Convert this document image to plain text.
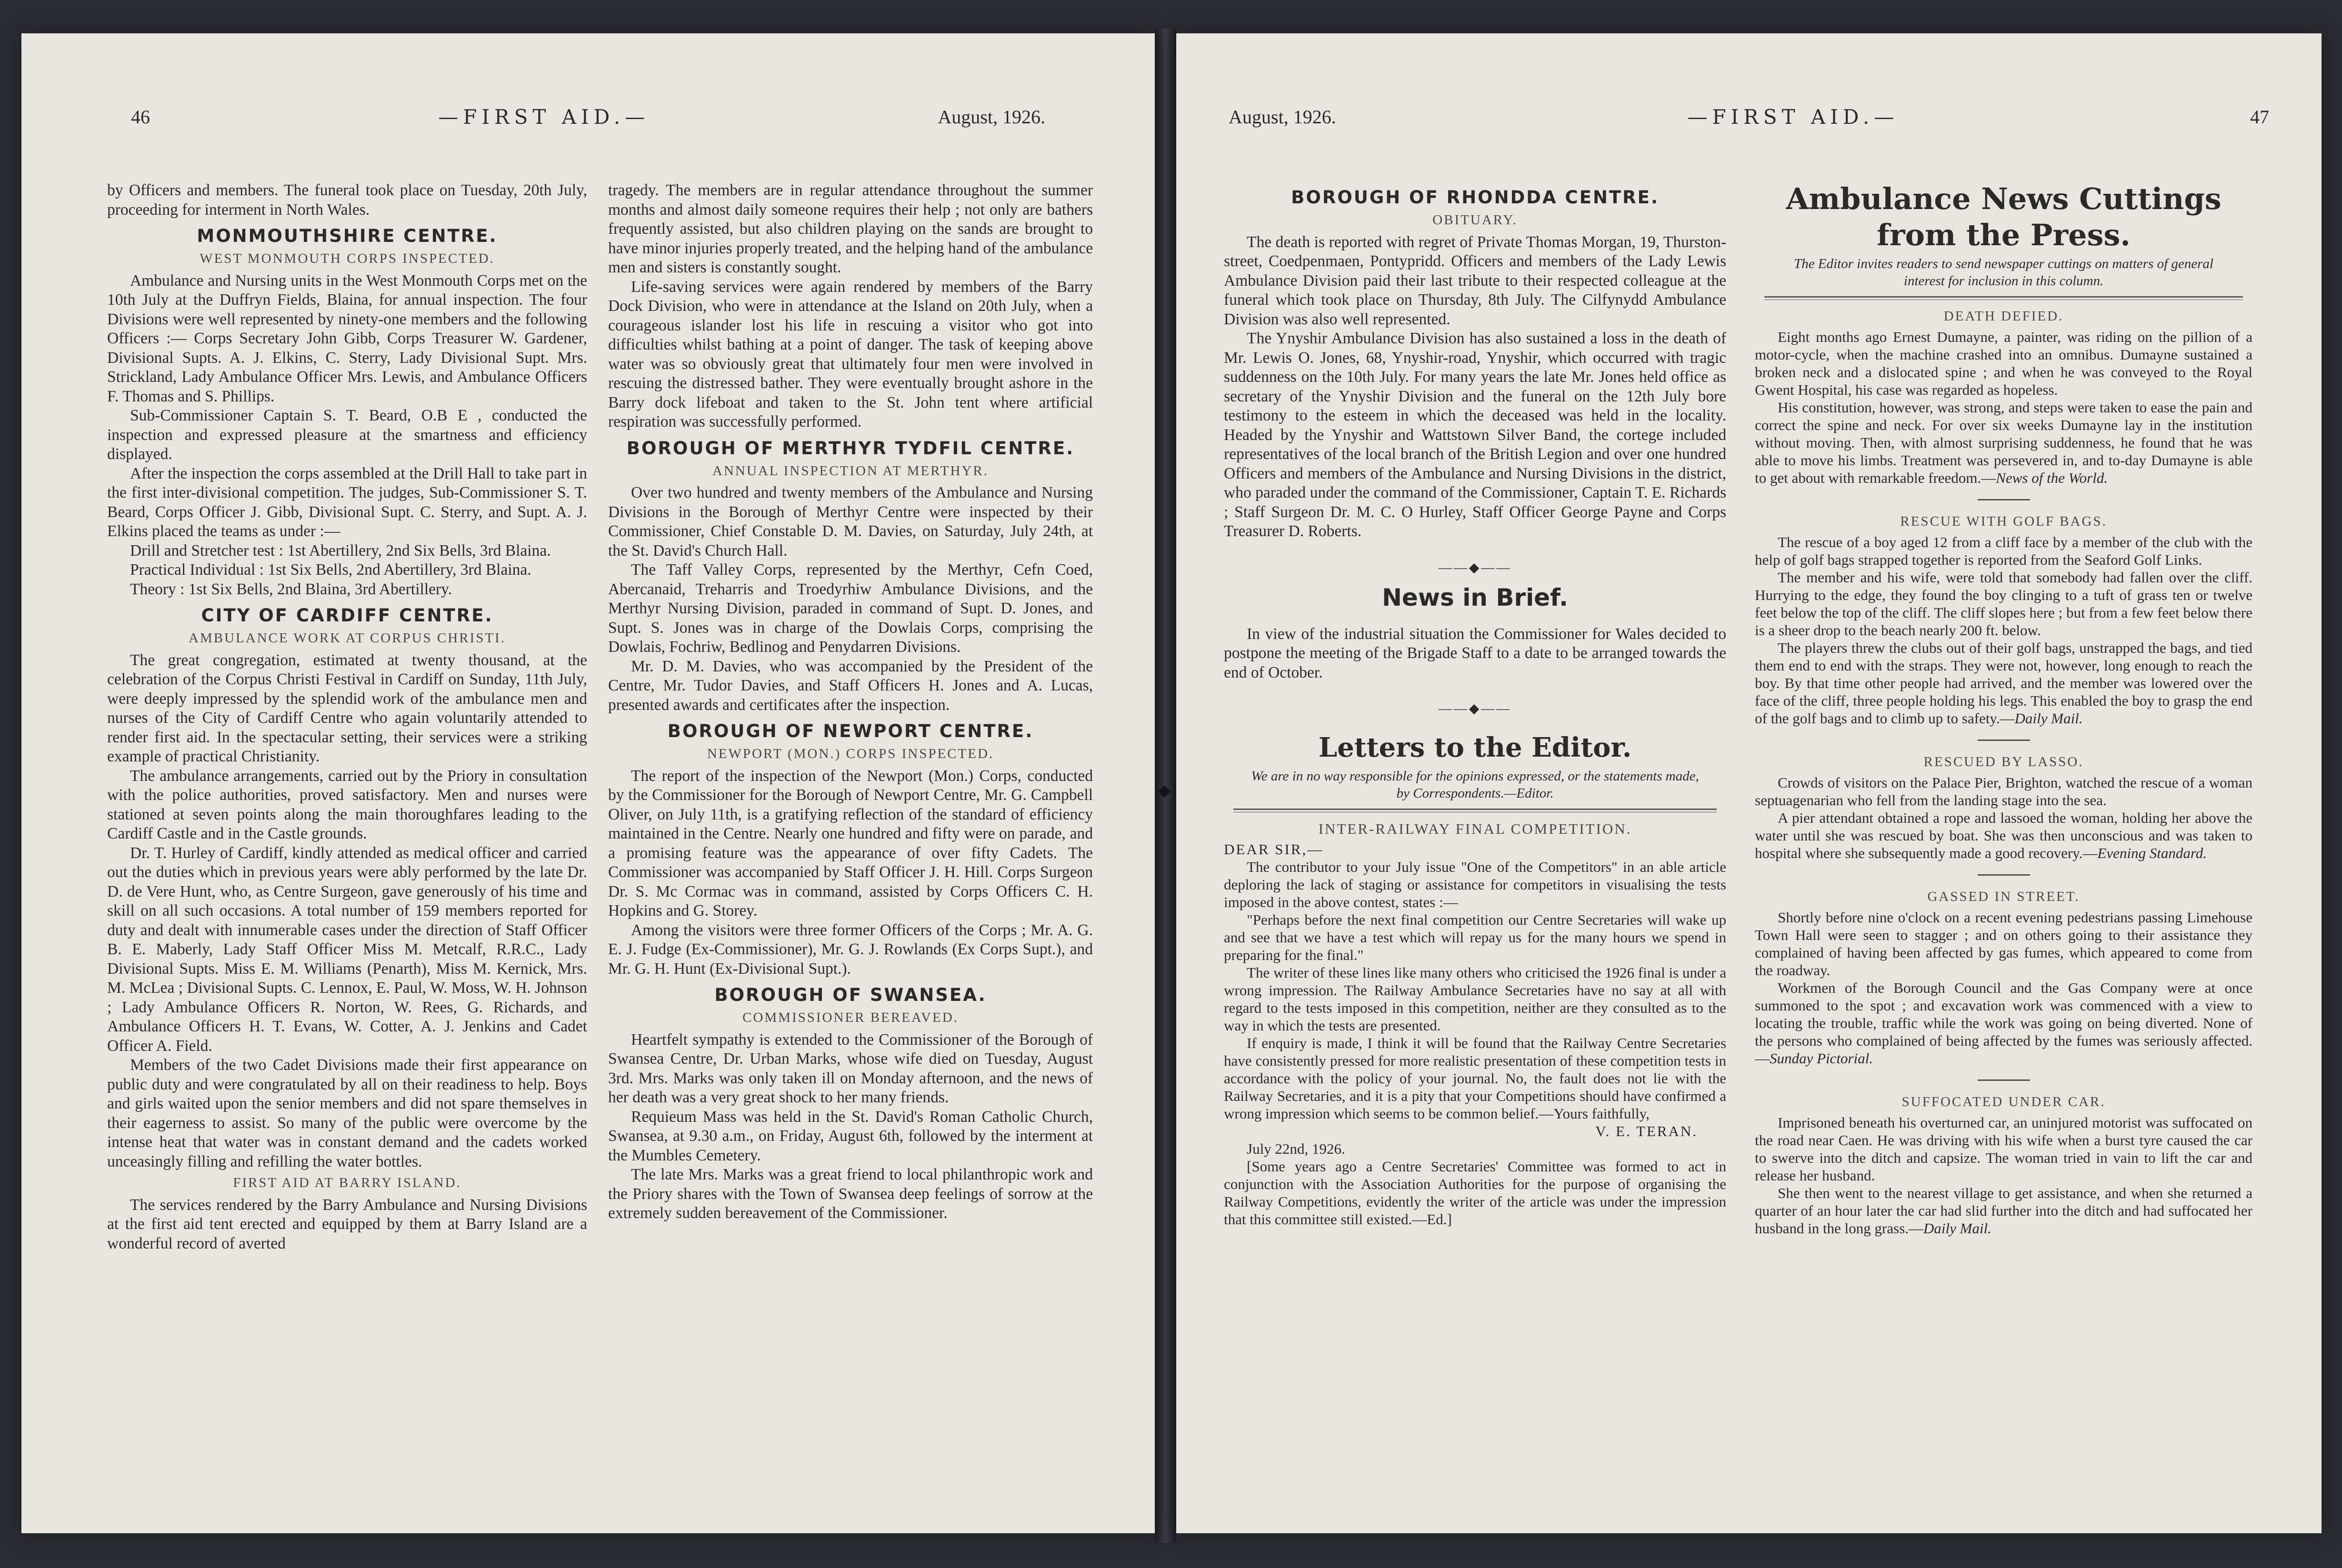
◆
46	—FIRST AID.—	August, 1926.

by Officers and members. The funeral took place on Tuesday, 20th July, proceeding for interment in North Wales.

MONMOUTHSHIRE CENTRE.
WEST MONMOUTH CORPS INSPECTED.

Ambulance and Nursing units in the West Monmouth Corps met on the 10th July at the Duffryn Fields, Blaina, for annual inspection. The four Divisions were well represented by ninety-one members and the following Officers :— Corps Secretary John Gibb, Corps Treasurer W. Gardener, Divisional Supts. A. J. Elkins, C. Sterry, Lady Divisional Supt. Mrs. Strickland, Lady Ambulance Officer Mrs. Lewis, and Ambulance Officers F. Thomas and S. Phillips.

Sub-Commissioner Captain S. T. Beard, O.B E , conducted the inspection and expressed pleasure at the smartness and efficiency displayed.

After the inspection the corps assembled at the Drill Hall to take part in the first inter-divisional competition. The judges, Sub-Commissioner S. T. Beard, Corps Officer J. Gibb, Divisional Supt. C. Sterry, and Supt. A. J. Elkins placed the teams as under :—

Drill and Stretcher test : 1st Abertillery, 2nd Six Bells, 3rd Blaina.

Practical Individual : 1st Six Bells, 2nd Abertillery, 3rd Blaina.

Theory : 1st Six Bells, 2nd Blaina, 3rd Abertillery.

CITY OF CARDIFF CENTRE.
AMBULANCE WORK AT CORPUS CHRISTI.

The great congregation, estimated at twenty thousand, at the celebration of the Corpus Christi Festival in Cardiff on Sunday, 11th July, were deeply impressed by the splendid work of the ambulance men and nurses of the City of Cardiff Centre who again voluntarily attended to render first aid. In the spectacular setting, their services were a striking example of practical Christianity.

The ambulance arrangements, carried out by the Priory in consultation with the police authorities, proved satisfactory. Men and nurses were stationed at seven points along the main thoroughfares leading to the Cardiff Castle and in the Castle grounds.

Dr. T. Hurley of Cardiff, kindly attended as medical officer and carried out the duties which in previous years were ably performed by the late Dr. D. de Vere Hunt, who, as Centre Surgeon, gave generously of his time and skill on all such occasions. A total number of 159 members reported for duty and dealt with innumerable cases under the direction of Staff Officer B. E. Maberly, Lady Staff Officer Miss M. Metcalf, R.R.C., Lady Divisional Supts. Miss E. M. Williams (Penarth), Miss M. Kernick, Mrs. M. McLea ; Divisional Supts. C. Lennox, E. Paul, W. Moss, W. H. Johnson ; Lady Ambulance Officers R. Norton, W. Rees, G. Richards, and Ambulance Officers H. T. Evans, W. Cotter, A. J. Jenkins and Cadet Officer A. Field.

Members of the two Cadet Divisions made their first appearance on public duty and were congratulated by all on their readiness to help. Boys and girls waited upon the senior members and did not spare themselves in their eagerness to assist. So many of the public were overcome by the intense heat that water was in constant demand and the cadets worked unceasingly filling and refilling the water bottles.

FIRST AID AT BARRY ISLAND.

The services rendered by the Barry Ambulance and Nursing Divisions at the first aid tent erected and equipped by them at Barry Island are a wonderful record of averted

tragedy. The members are in regular attendance throughout the summer months and almost daily someone requires their help ; not only are bathers frequently assisted, but also children playing on the sands are brought to have minor injuries properly treated, and the helping hand of the ambulance men and sisters is constantly sought.

Life-saving services were again rendered by members of the Barry Dock Division, who were in attendance at the Island on 20th July, when a courageous islander lost his life in rescuing a visitor who got into difficulties whilst bathing at a point of danger. The task of keeping above water was so obviously great that ultimately four men were involved in rescuing the distressed bather. They were eventually brought ashore in the Barry dock lifeboat and taken to the St. John tent where artificial respiration was successfully performed.

BOROUGH OF MERTHYR TYDFIL CENTRE.
ANNUAL INSPECTION AT MERTHYR.

Over two hundred and twenty members of the Ambulance and Nursing Divisions in the Borough of Merthyr Centre were inspected by their Commissioner, Chief Constable D. M. Davies, on Saturday, July 24th, at the St. David's Church Hall.

The Taff Valley Corps, represented by the Merthyr, Cefn Coed, Abercanaid, Treharris and Troedyrhiw Ambulance Divisions, and the Merthyr Nursing Division, paraded in command of Supt. D. Jones, and Supt. S. Jones was in charge of the Dowlais Corps, comprising the Dowlais, Fochriw, Bedlinog and Penydarren Divisions.

Mr. D. M. Davies, who was accompanied by the President of the Centre, Mr. Tudor Davies, and Staff Officers H. Jones and A. Lucas, presented awards and certificates after the inspection.

BOROUGH OF NEWPORT CENTRE.
NEWPORT (MON.) CORPS INSPECTED.

The report of the inspection of the Newport (Mon.) Corps, conducted by the Commissioner for the Borough of Newport Centre, Mr. G. Campbell Oliver, on July 11th, is a gratifying reflection of the standard of efficiency maintained in the Centre. Nearly one hundred and fifty were on parade, and a promising feature was the appearance of over fifty Cadets. The Commissioner was accompanied by Staff Officer J. H. Hill. Corps Surgeon Dr. S. Mc Cormac was in command, assisted by Corps Officers C. H. Hopkins and G. Storey.

Among the visitors were three former Officers of the Corps ; Mr. A. G. E. J. Fudge (Ex-Commissioner), Mr. G. J. Rowlands (Ex Corps Supt.), and Mr. G. H. Hunt (Ex-Divisional Supt.).

BOROUGH OF SWANSEA.
COMMISSIONER BEREAVED.

Heartfelt sympathy is extended to the Commissioner of the Borough of Swansea Centre, Dr. Urban Marks, whose wife died on Tuesday, August 3rd. Mrs. Marks was only taken ill on Monday afternoon, and the news of her death was a very great shock to her many friends.

Requieum Mass was held in the St. David's Roman Catholic Church, Swansea, at 9.30 a.m., on Friday, August 6th, followed by the interment at the Mumbles Cemetery.

The late Mrs. Marks was a great friend to local philanthropic work and the Priory shares with the Town of Swansea deep feelings of sorrow at the extremely sudden bereavement of the Commissioner.

August, 1926.	—FIRST AID.—	47
BOROUGH OF RHONDDA CENTRE.
OBITUARY.

The death is reported with regret of Private Thomas Morgan, 19, Thurston-street, Coedpenmaen, Pontypridd. Officers and members of the Lady Lewis Ambulance Division paid their last tribute to their respected colleague at the funeral which took place on Thursday, 8th July. The Cilfynydd Ambulance Division was also well represented.

The Ynyshir Ambulance Division has also sustained a loss in the death of Mr. Lewis O. Jones, 68, Ynyshir-road, Ynyshir, which occurred with tragic suddenness on the 10th July. For many years the late Mr. Jones held office as secretary of the Ynyshir Division and the funeral on the 12th July bore testimony to the esteem in which the deceased was held in the locality. Headed by the Ynyshir and Wattstown Silver Band, the cortege included representatives of the local branch of the British Legion and over one hundred Officers and members of the Ambulance and Nursing Divisions in the district, who paraded under the command of the Commissioner, Captain T. E. Richards ; Staff Surgeon Dr. M. C. O Hurley, Staff Officer George Payne and Corps Treasurer D. Roberts.

——◆——
News in Brief.

In view of the industrial situation the Commissioner for Wales decided to postpone the meeting of the Brigade Staff to a date to be arranged towards the end of October.

——◆——
Letters to the Editor.
We are in no way responsible for the opinions expressed, or the statements made, by Correspondents.—Editor.
INTER-RAILWAY FINAL COMPETITION.

DEAR SIR,—

The contributor to your July issue "One of the Competitors" in an able article deploring the lack of staging or assistance for competitors in visualising the tests imposed in the above contest, states :—

"Perhaps before the next final competition our Centre Secretaries will wake up and see that we have a test which will repay us for the many hours we spend in preparing for the final."

The writer of these lines like many others who criticised the 1926 final is under a wrong impression. The Railway Ambulance Secretaries have no say at all with regard to the tests imposed in this competition, neither are they consulted as to the way in which the tests are presented.

If enquiry is made, I think it will be found that the Railway Centre Secretaries have consistently pressed for more realistic presentation of these competition tests in accordance with the policy of your journal. No, the fault does not lie with the Railway Secretaries, and it is a pity that your Competitions should have confirmed a wrong impression which seems to be common belief.—Yours faithfully,

V. E. TERAN.

July 22nd, 1926.

[Some years ago a Centre Secretaries' Committee was formed to act in conjunction with the Association Authorities for the purpose of organising the Railway Competitions, evidently the writer of the article was under the impression that this committee still existed.—Ed.]

Ambulance News Cuttings from the Press.
The Editor invites readers to send newspaper cuttings on matters of general interest for inclusion in this column.
DEATH DEFIED.

Eight months ago Ernest Dumayne, a painter, was riding on the pillion of a motor-cycle, when the machine crashed into an omnibus. Dumayne sustained a broken neck and a dislocated spine ; and when he was conveyed to the Royal Gwent Hospital, his case was regarded as hopeless.

His constitution, however, was strong, and steps were taken to ease the pain and correct the spine and neck. For over six weeks Dumayne lay in the institution without moving. Then, with almost surprising suddenness, he found that he was able to move his limbs. Treatment was persevered in, and to-day Dumayne is able to get about with remarkable freedom.—News of the World.

RESCUE WITH GOLF BAGS.

The rescue of a boy aged 12 from a cliff face by a member of the club with the help of golf bags strapped together is reported from the Seaford Golf Links.

The member and his wife, were told that somebody had fallen over the cliff. Hurrying to the edge, they found the boy clinging to a tuft of grass ten or twelve feet below the top of the cliff. The cliff slopes here ; but from a few feet below there is a sheer drop to the beach nearly 200 ft. below.

The players threw the clubs out of their golf bags, unstrapped the bags, and tied them end to end with the straps. They were not, however, long enough to reach the boy. By that time other people had arrived, and the member was lowered over the face of the cliff, three people holding his legs. This enabled the boy to grasp the end of the golf bags and to climb up to safety.—Daily Mail.

RESCUED BY LASSO.

Crowds of visitors on the Palace Pier, Brighton, watched the rescue of a woman septuagenarian who fell from the landing stage into the sea.

A pier attendant obtained a rope and lassoed the woman, holding her above the water until she was rescued by boat. She was then unconscious and was taken to hospital where she subsequently made a good recovery.—Evening Standard.

GASSED IN STREET.

Shortly before nine o'clock on a recent evening pedestrians passing Limehouse Town Hall were seen to stagger ; and on others going to their assistance they complained of having been affected by gas fumes, which appeared to come from the roadway.

Workmen of the Borough Council and the Gas Company were at once summoned to the spot ; and excavation work was commenced with a view to locating the trouble, traffic while the work was going on being diverted. None of the persons who complained of being affected by the fumes was seriously affected.—Sunday Pictorial.

SUFFOCATED UNDER CAR.

Imprisoned beneath his overturned car, an uninjured motorist was suffocated on the road near Caen. He was driving with his wife when a burst tyre caused the car to swerve into the ditch and capsize. The woman tried in vain to lift the car and release her husband.

She then went to the nearest village to get assistance, and when she returned a quarter of an hour later the car had slid further into the ditch and had suffocated her husband in the long grass.—Daily Mail.
